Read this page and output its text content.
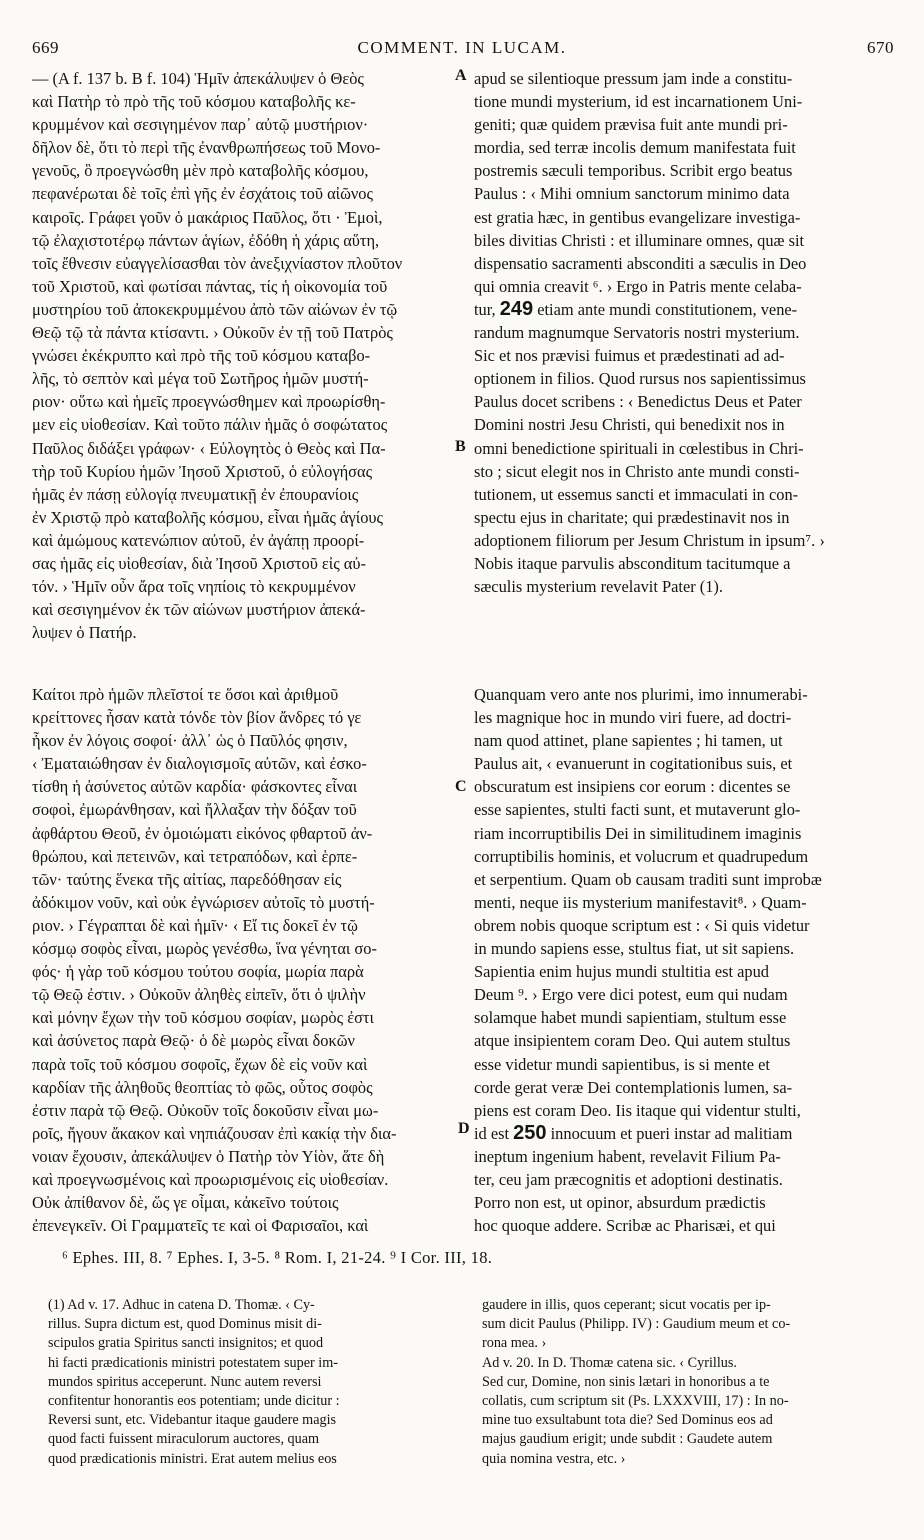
669	COMMENT. IN LUCAM.	670
— (A f. 137 b. B f. 104) Ἡμῖν ἀπεκάλυψεν ὁ Θεὸς
καὶ Πατὴρ τὸ πρὸ τῆς τοῦ κόσμου καταβολῆς κε-
κρυμμένον καὶ σεσιγημένον παρ᾽ αὐτῷ μυστήριον·
δῆλον δὲ, ὅτι τὸ περὶ τῆς ἐνανθρωπήσεως τοῦ Μονο-
γενοῦς, ὃ προεγνώσθη μὲν πρὸ καταβολῆς κόσμου,
πεφανέρωται δὲ τοῖς ἐπὶ γῆς ἐν ἐσχάτοις τοῦ αἰῶνος
καιροῖς. Γράφει γοῦν ὁ μακάριος Παῦλος, ὅτι · Ἐμοὶ,
τῷ ἐλαχιστοτέρῳ πάντων ἁγίων, ἐδόθη ἡ χάρις αὕτη,
τοῖς ἔθνεσιν εὐαγγελίσασθαι τὸν ἀνεξιχνίαστον πλοῦτον
τοῦ Χριστοῦ, καὶ φωτίσαι πάντας, τίς ἡ οἰκονομία τοῦ
μυστηρίου τοῦ ἀποκεκρυμμένου ἀπὸ τῶν αἰώνων ἐν τῷ
Θεῷ τῷ τὰ πάντα κτίσαντι. › Οὐκοῦν ἐν τῇ τοῦ Πατρὸς
γνώσει ἐκέκρυπτο καὶ πρὸ τῆς τοῦ κόσμου καταβο-
λῆς, τὸ σεπτὸν καὶ μέγα τοῦ Σωτῆρος ἡμῶν μυστή-
ριον· οὕτω καὶ ἡμεῖς προεγνώσθημεν καὶ προωρίσθη-
μεν εἰς υἱοθεσίαν. Καὶ τοῦτο πάλιν ἡμᾶς ὁ σοφώτατος
Παῦλος διδάξει γράφων· ‹ Εὐλογητὸς ὁ Θεὸς καὶ Πα-
τὴρ τοῦ Κυρίου ἡμῶν Ἰησοῦ Χριστοῦ, ὁ εὐλογήσας
ἡμᾶς ἐν πάσῃ εὐλογίᾳ πνευματικῇ ἐν ἐπουρανίοις
ἐν Χριστῷ πρὸ καταβολῆς κόσμου, εἶναι ἡμᾶς ἁγίους
καὶ ἀμώμους κατενώπιον αὐτοῦ, ἐν ἀγάπῃ προορί-
σας ἡμᾶς εἰς υἱοθεσίαν, διὰ Ἰησοῦ Χριστοῦ εἰς αὐ-
τόν. › Ἡμῖν οὖν ἄρα τοῖς νηπίοις τὸ κεκρυμμένον
καὶ σεσιγημένον ἐκ τῶν αἰώνων μυστήριον ἀπεκά-
λυψεν ὁ Πατήρ.
apud se silentioque pressum jam inde a constitu-
tione mundi mysterium, id est incarnationem Uni-
geniti; quæ quidem prævisa fuit ante mundi pri-
mordia, sed terræ incolis demum manifestata fuit
postremis sæculi temporibus. Scribit ergo beatus
Paulus : ‹ Mihi omnium sanctorum minimo data
est gratia hæc, in gentibus evangelizare investiga-
biles divitias Christi : et illuminare omnes, quæ sit
dispensatio sacramenti absconditi a sæculis in Deo
qui omnia creavit ⁶. › Ergo in Patris mente celaba-
tur, 249 etiam ante mundi constitutionem, vene-
randum magnumque Servatoris nostri mysterium.
Sic et nos prævisi fuimus et prædestinati ad ad-
optionem in filios. Quod rursus nos sapientissimus
Paulus docet scribens : ‹ Benedictus Deus et Pater
Domini nostri Jesu Christi, qui benedixit nos in
omni benedictione spirituali in cœlestibus in Chri-
sto ; sicut elegit nos in Christo ante mundi consti-
tutionem, ut essemus sancti et immaculati in con-
spectu ejus in charitate; qui prædestinavit nos in
adoptionem filiorum per Jesum Christum in ipsum⁷. ›
Nobis itaque parvulis absconditum tacitumque a
sæculis mysterium revelavit Pater (1).
Καίτοι πρὸ ἡμῶν πλεῖστοί τε ὅσοι καὶ ἀριθμοῦ
κρείττονες ἦσαν κατὰ τόνδε τὸν βίον ἄνδρες τό γε
ἧκον ἐν λόγοις σοφοί· ἀλλ᾽ ὡς ὁ Παῦλός φησιν,
‹ Ἐματαιώθησαν ἐν διαλογισμοῖς αὐτῶν, καὶ ἐσκο-
τίσθη ἡ ἀσύνετος αὐτῶν καρδία· φάσκοντες εἶναι
σοφοὶ, ἐμωράνθησαν, καὶ ἤλλαξαν τὴν δόξαν τοῦ
ἀφθάρτου Θεοῦ, ἐν ὁμοιώματι εἰκόνος φθαρτοῦ ἀν-
θρώπου, καὶ πετεινῶν, καὶ τετραπόδων, καὶ ἑρπε-
τῶν· ταύτης ἕνεκα τῆς αἰτίας, παρεδόθησαν εἰς
ἀδόκιμον νοῦν, καὶ οὐκ ἐγνώρισεν αὐτοῖς τὸ μυστή-
ριον. › Γέγραπται δὲ καὶ ἡμῖν· ‹ Εἴ τις δοκεῖ ἐν τῷ
κόσμῳ σοφὸς εἶναι, μωρὸς γενέσθω, ἵνα γένηται σο-
φός· ἡ γὰρ τοῦ κόσμου τούτου σοφία, μωρία παρὰ
τῷ Θεῷ ἐστιν. › Οὐκοῦν ἀληθὲς εἰπεῖν, ὅτι ὁ ψιλὴν
καὶ μόνην ἔχων τὴν τοῦ κόσμου σοφίαν, μωρὸς ἐστι
καὶ ἀσύνετος παρὰ Θεῷ· ὁ δὲ μωρὸς εἶναι δοκῶν
παρὰ τοῖς τοῦ κόσμου σοφοῖς, ἔχων δὲ εἰς νοῦν καὶ
καρδίαν τῆς ἀληθοῦς θεοπτίας τὸ φῶς, οὗτος σοφὸς
ἐστιν παρὰ τῷ Θεῷ. Οὐκοῦν τοῖς δοκοῦσιν εἶναι μω-
ροῖς, ἤγουν ἄκακον καὶ νηπιάζουσαν ἐπὶ κακίᾳ τὴν δια-
νοιαν ἔχουσιν, ἀπεκάλυψεν ὁ Πατὴρ τὸν Υἱὸν, ἅτε δὴ
καὶ προεγνωσμένοις καὶ προωρισμένοις εἰς υἱοθεσίαν.
Οὐκ ἀπίθανον δὲ, ὥς γε οἶμαι, κἀκεῖνο τούτοις
ἐπενεγκεῖν. Οἱ Γραμματεῖς τε καὶ οἱ Φαρισαῖοι, καὶ
Quanquam vero ante nos plurimi, imo innumerabi-
les magnique hoc in mundo viri fuere, ad doctri-
nam quod attinet, plane sapientes ; hi tamen, ut
Paulus ait, ‹ evanuerunt in cogitationibus suis, et
obscuratum est insipiens cor eorum : dicentes se
esse sapientes, stulti facti sunt, et mutaverunt glo-
riam incorruptibilis Dei in similitudinem imaginis
corruptibilis hominis, et volucrum et quadrupedum
et serpentium. Quam ob causam traditi sunt improbæ
menti, neque iis mysterium manifestavit⁸. › Quam-
obrem nobis quoque scriptum est : ‹ Si quis videtur
in mundo sapiens esse, stultus fiat, ut sit sapiens.
Sapientia enim hujus mundi stultitia est apud
Deum ⁹. › Ergo vere dici potest, eum qui nudam
solamque habet mundi sapientiam, stultum esse
atque insipientem coram Deo. Qui autem stultus
esse videtur mundi sapientibus, is si mente et
corde gerat veræ Dei contemplationis lumen, sa-
piens est coram Deo. Iis itaque qui videntur stulti,
id est 250 innocuum et pueri instar ad malitiam
ineptum ingenium habent, revelavit Filium Pa-
ter, ceu jam præcognitis et adoptioni destinatis.
Porro non est, ut opinor, absurdum prædictis
hoc quoque addere. Scribæ ac Pharisæi, et qui
A
B
C
D
⁶ Ephes. III, 8. ⁷ Ephes. I, 3-5. ⁸ Rom. I, 21-24. ⁹ I Cor. III, 18.
(1) Ad v. 17. Adhuc in catena D. Thomæ. ‹ Cy-
rillus. Supra dictum est, quod Dominus misit di-
scipulos gratia Spiritus sancti insignitos; et quod
hi facti prædicationis ministri potestatem super im-
mundos spiritus acceperunt. Nunc autem reversi
confitentur honorantis eos potentiam; unde dicitur :
Reversi sunt, etc. Videbantur itaque gaudere magis
quod facti fuissent miraculorum auctores, quam
quod prædicationis ministri. Erat autem melius eos
gaudere in illis, quos ceperant; sicut vocatis per ip-
sum dicit Paulus (Philipp. IV) : Gaudium meum et co-
rona mea. ›
Ad v. 20. In D. Thomæ catena sic. ‹ Cyrillus.
Sed cur, Domine, non sinis lætari in honoribus a te
collatis, cum scriptum sit (Ps. LXXXVIII, 17) : In no-
mine tuo exsultabunt tota die? Sed Dominus eos ad
majus gaudium erigit; unde subdit : Gaudete autem
quia nomina vestra, etc. ›
